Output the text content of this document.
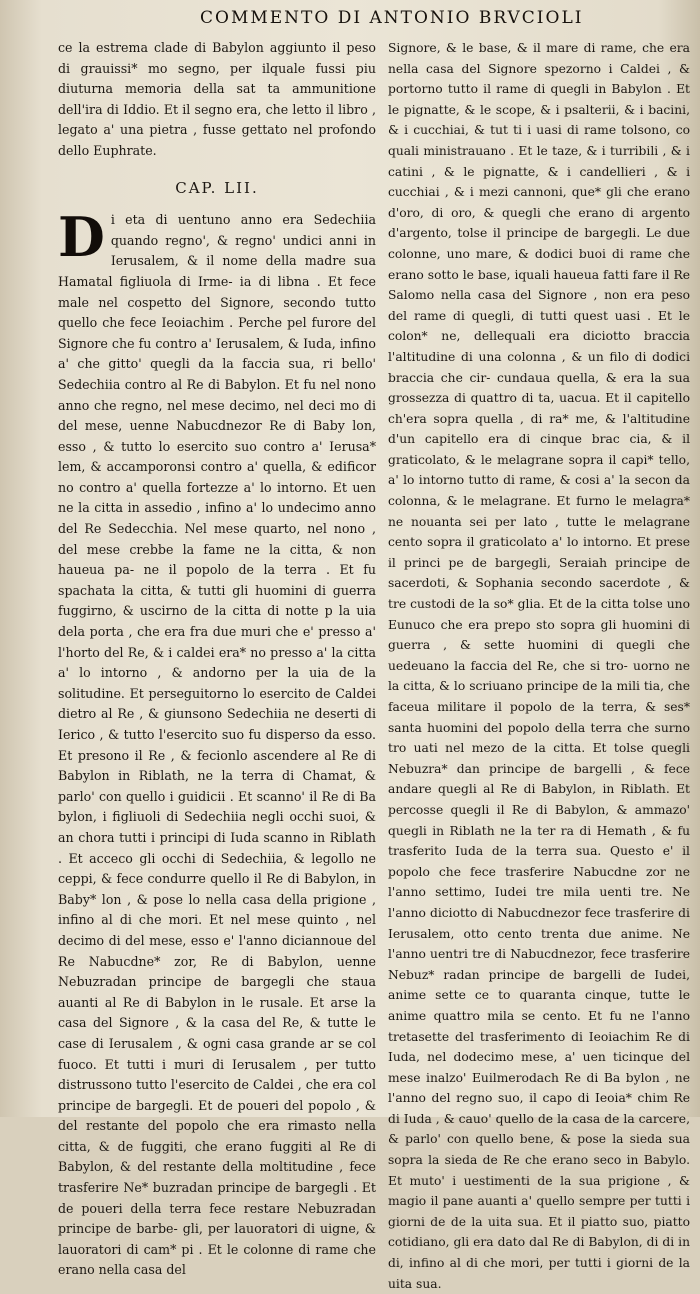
COMMENTO DI ANTONIO BRVCIOLI

ce la estrema clade di Babylon aggiunto il peso di grauissi* mo segno, per ilquale fussi piu diuturna memoria della sat ta ammunitione dell'ira di Iddio. Et il segno era, che letto il libro , legato a' una pietra , fusse gettato nel profondo dello Euphrate.

CAP. LII.

Di eta di uentuno anno era Sedechiia quando regno', & regno' undici anni in Ierusalem, & il nome della madre sua Hamatal figliuola di Irme- ia di libna . Et fece male nel cospetto del Signore, secondo tutto quello che fece Ieoiachim . Perche pel furore del Signore che fu contro a' Ierusalem, & Iuda, infino a' che gitto' quegli da la faccia sua, ri bello' Sedechiia contro al Re di Babylon. Et fu nel nono anno che regno, nel mese decimo, nel deci mo di del mese, uenne Nabucdnezor Re di Baby lon, esso , & tutto lo esercito suo contro a' Ierusa* lem, & accamporonsi contro a' quella, & edificor no contro a' quella fortezze a' lo intorno. Et uen ne la citta in assedio , infino a' lo undecimo anno del Re Sedecchia. Nel mese quarto, nel nono , del mese crebbe la fame ne la citta, & non haueua pa- ne il popolo de la terra . Et fu spachata la citta, & tutti gli huomini di guerra fuggirno, & uscirno de la citta di notte p la uia dela porta , che era fra due muri che e' presso a' l'horto del Re, & i caldei era* no presso a' la citta a' lo intorno , & andorno per la uia de la solitudine. Et perseguitorno lo esercito de Caldei dietro al Re , & giunsono Sedechiia ne deserti di Ierico , & tutto l'esercito suo fu disperso da esso. Et presono il Re , & fecionlo ascendere al Re di Babylon in Riblath, ne la terra di Chamat, & parlo' con quello i guidicii . Et scanno' il Re di Ba bylon, i figliuoli di Sedechiia negli occhi suoi, & an chora tutti i principi di Iuda scanno in Riblath . Et acceco gli occhi di Sedechiia, & legollo ne ceppi, & fece condurre quello il Re di Babylon, in Baby* lon , & pose lo nella casa della prigione , infino al di che mori. Et nel mese quinto , nel decimo di del mese, esso e' l'anno diciannoue del Re Nabucdne* zor, Re di Babylon, uenne Nebuzradan principe de bargegli che staua auanti al Re di Babylon in le rusale. Et arse la casa del Signore , & la casa del Re, & tutte le case di Ierusalem , & ogni casa grande ar se col fuoco. Et tutti i muri di Ierusalem , per tutto distrussono tutto l'esercito de Caldei , che era col principe de bargegli. Et de poueri del popolo , & del restante del popolo che era rimasto nella citta, & de fuggiti, che erano fuggiti al Re di Babylon, & del restante della moltitudine , fece trasferire Ne* buzradan principe de bargegli . Et de poueri della terra fece restare Nebuzradan principe de barbe- gli, per lauoratori di uigne, & lauoratori di cam* pi . Et le colonne di rame che erano nella casa del

Signore, & le base, & il mare di rame, che era nella casa del Signore spezorno i Caldei , & portorno tutto il rame di quegli in Babylon . Et le pignatte, & le scope, & i psalterii, & i bacini, & i cucchiai, & tut ti i uasi di rame tolsono, co quali ministrauano . Et le taze, & i turribili , & i catini , & le pignatte, & i candellieri , & i cucchiai , & i mezi cannoni, que* gli che erano d'oro, di oro, & quegli che erano di argento d'argento, tolse il principe de bargegli. Le due colonne, uno mare, & dodici buoi di rame che erano sotto le base, iquali haueua fatti fare il Re Salomo nella casa del Signore , non era peso del rame di quegli, di tutti quest uasi . Et le colon* ne, dellequali era diciotto braccia l'altitudine di una colonna , & un filo di dodici braccia che cir- cundaua quella, & era la sua grossezza di quattro di ta, uacua. Et il capitello ch'era sopra quella , di ra* me, & l'altitudine d'un capitello era di cinque brac cia, & il graticolato, & le melagrane sopra il capi* tello, a' lo intorno tutto di rame, & cosi a' la secon da colonna, & le melagrane. Et furno le melagra* ne nouanta sei per lato , tutte le melagrane cento sopra il graticolato a' lo intorno. Et prese il princi pe de bargegli, Seraiah principe de sacerdoti, & Sophania secondo sacerdote , & tre custodi de la so* glia. Et de la citta tolse uno Eunuco che era prepo sto sopra gli huomini di guerra , & sette huomini di quegli che uedeuano la faccia del Re, che si tro- uorno ne la citta, & lo scriuano principe de la mili tia, che faceua militare il popolo de la terra, & ses* santa huomini del popolo della terra che surno tro uati nel mezo de la citta. Et tolse quegli Nebuzra* dan principe de bargelli , & fece andare quegli al Re di Babylon, in Riblath. Et percosse quegli il Re di Babylon, & ammazo' quegli in Riblath ne la ter ra di Hemath , & fu trasferito Iuda de la terra sua. Questo e' il popolo che fece trasferire Nabucdne zor ne l'anno settimo, Iudei tre mila uenti tre. Ne l'anno diciotto di Nabucdnezor fece trasferire di Ierusalem, otto cento trenta due anime. Ne l'anno uentri tre di Nabucdnezor, fece trasferire Nebuz* radan principe de bargelli de Iudei, anime sette ce to quaranta cinque, tutte le anime quattro mila se cento. Et fu ne l'anno tretasette del trasferimento di Ieoiachim Re di Iuda, nel dodecimo mese, a' uen ticinque del mese inalzo' Euilmerodach Re di Ba bylon , ne l'anno del regno suo, il capo di Ieoia* chim Re di Iuda , & cauo' quello de la casa de la carcere, & parlo' con quello bene, & pose la sieda sua sopra la sieda de Re che erano seco in Babylo. Et muto' i uestimenti de la sua prigione , & magio il pane auanti a' quello sempre per tutti i giorni de de la uita sua. Et il piatto suo, piatto cotidiano, gli era dato dal Re di Babylon, di di in di, infino al di che mori, per tutti i giorni de la uita sua.
